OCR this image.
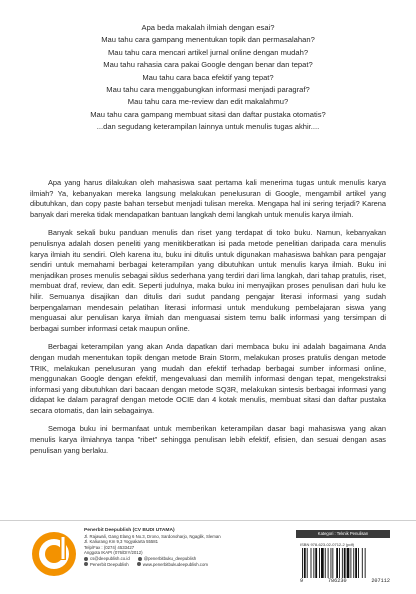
Apa beda makalah ilmiah dengan esai?
Mau tahu cara gampang menentukan topik dan permasalahan?
Mau tahu cara mencari artikel jurnal online dengan mudah?
Mau tahu rahasia cara pakai Google dengan benar dan tepat?
Mau tahu cara baca efektif yang tepat?
Mau tahu cara menggabungkan informasi menjadi paragraf?
Mau tahu cara me-review dan edit makalahmu?
Mau tahu cara gampang membuat sitasi dan daftar pustaka otomatis?
...dan segudang keterampilan lainnya untuk menulis tugas akhir....

Apa yang harus dilakukan oleh mahasiswa saat pertama kali menerima tugas untuk menulis karya ilmiah? Ya, kebanyakan mereka langsung melakukan penelusuran di Google, mengambil artikel yang dibutuhkan, dan copy paste bahan tersebut menjadi tulisan mereka. Mengapa hal ini sering terjadi? Karena banyak dari mereka tidak mendapatkan bantuan langkah demi langkah untuk menulis karya ilmiah.

Banyak sekali buku panduan menulis dan riset yang terdapat di toko buku. Namun, kebanyakan penulisnya adalah dosen peneliti yang menitikberatkan isi pada metode penelitian daripada cara menulis karya ilmiah itu sendiri. Oleh karena itu, buku ini ditulis untuk digunakan mahasiswa bahkan para pengajar sendiri untuk memahami berbagai keterampilan yang dibutuhkan untuk menulis karya ilmiah. Buku ini menjadikan proses menulis sebagai siklus sederhana yang terdiri dari lima langkah, dari tahap pratulis, riset, membuat draf, review, dan edit. Seperti judulnya, maka buku ini menyajikan proses penulisan dari hulu ke hilir. Semuanya disajikan dan ditulis dari sudut pandang pengajar literasi informasi yang sudah berpengalaman mendesain pelatihan literasi informasi untuk mendukung pembelajaran siswa yang menguasai alur penulisan karya ilmiah dan menguasai sistem temu balik informasi yang tersimpan di berbagai sumber informasi cetak maupun online.

Berbagai keterampilan yang akan Anda dapatkan dari membaca buku ini adalah bagaimana Anda dengan mudah menentukan topik dengan metode Brain Storm, melakukan proses pratulis dengan metode TRIK, melakukan penelusuran yang mudah dan efektif terhadap berbagai sumber informasi online, menggunakan Google dengan efektif, mengevaluasi dan memilih informasi dengan tepat, mengekstraksi informasi yang dibutuhkan dari bacaan dengan metode SQ3R, melakukan sintesis berbagai informasi yang didapat ke dalam paragraf dengan metode OCIE dan 4 kotak menulis, membuat sitasi dan daftar pustaka secara otomatis, dan lain sebagainya.

Semoga buku ini bermanfaat untuk memberikan keterampilan dasar bagi mahasiswa yang akan menulis karya ilmiahnya tanpa "ribet" sehingga penulisan lebih efektif, efisien, dan sesuai dengan asas penulisan yang berlaku.

Penerbit Deepublish (CV BUDI UTAMA)
Jl. Rajawali, Gang Elang 6 No.3, Drono, Sardonoharjo, Ngaglik, Sleman
Jl. Kaliurang Km 9,3 Yogyakarta 55581
Telp/Fax : (0274) 4533427
Anggota IKAPI (076/DIY/2012)
cs@deepublish.co.id	@penerbitbuku_deepublish
Penerbit Deepublish	www.penerbitbukudeepublish.com
Kategori : Teknik Penulisan
ISBN 978-623-02-0712-2 (pdf)
9	786230	207112
